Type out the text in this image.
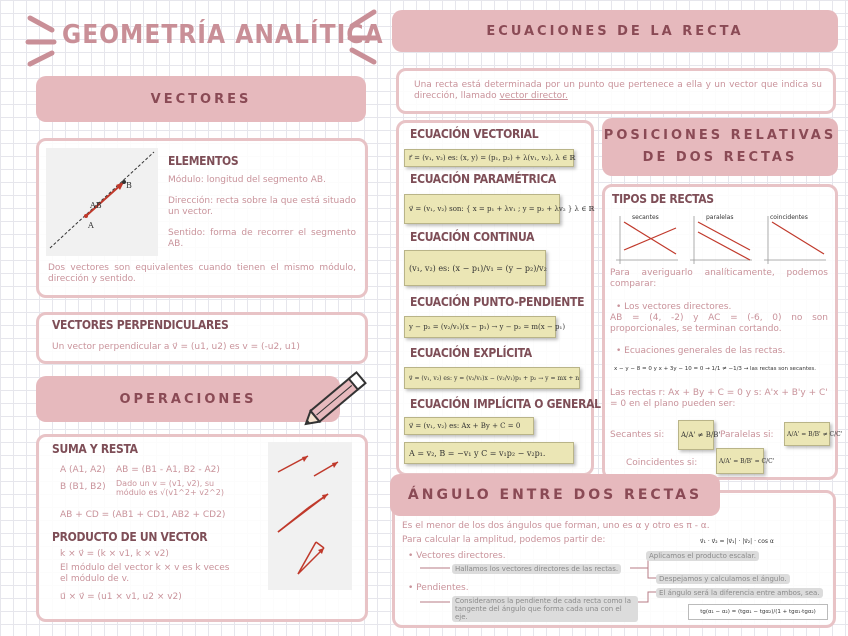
GEOMETRÍA ANALÍTICA
VECTORES
AB
A
B
ELEMENTOS
Módulo: longitud del segmento AB.
Dirección: recta sobre la que está situado un vector.
Sentido: forma de recorrer el segmento AB.
Dos vectores son equivalentes cuando tienen el mismo módulo, dirección y sentido.
VECTORES PERPENDICULARES
Un vector perpendicular a v⃗ = (u1, u2) es v = (-u2, u1)
OPERACIONES
SUMA Y RESTA
A (A1, A2)
B (B1, B2)
AB = (B1 - A1, B2 - A2)
Dado un v = (v1, v2), su
módulo es √(v1^2+ v2^2)
AB + CD = (AB1 + CD1, AB2 + CD2)
PRODUCTO DE UN VECTOR
k × v⃗ = (k × v1, k × v2)
El módulo del vector k × v es k veces el módulo de v.
u⃗ × v⃗ = (u1 × v1, u2 × v2)
ECUACIONES DE LA RECTA
Una recta está determinada por un punto que pertenece a ella y un vector que indica su dirección, llamado vector director.
ECUACIÓN VECTORIAL
r⃗ = (v₁, v₂) es: (x, y) = (p₁, p₂) + λ(v₁, v₂), λ ∈ ℝ
ECUACIÓN PARAMÉTRICA
v⃗ = (v₁, v₂) son: { x = p₁ + λv₁ ; y = p₂ + λv₂ } λ ∈ ℝ
ECUACIÓN CONTINUA
(v₁, v₂) es: (x − p₁)/v₁ = (y − p₂)/v₂
ECUACIÓN PUNTO-PENDIENTE
y − p₂ = (v₂/v₁)(x − p₁) → y − p₂ = m(x − p₁)
ECUACIÓN EXPLÍCITA
v⃗ = (v₁, v₂) es: y = (v₂/v₁)x − (v₂/v₁)p₁ + p₂ → y = mx + n
ECUACIÓN IMPLÍCITA O GENERAL
v⃗ = (v₁, v₂) es: Ax + By + C = 0
A = v₂, B = −v₁ y C = v₁p₂ − v₂p₁.
POSICIONES RELATIVAS
DE DOS RECTAS
TIPOS DE RECTAS
secantes	paralelas	coincidentes
Para averiguarlo analíticamente, podemos comparar:
• Los vectores directores.
AB = (4, -2) y AC = (-6, 0) no son proporcionales, se terminan cortando.
• Ecuaciones generales de las rectas.
x − y − 8 = 0 y x + 3y − 10 = 0 → 1/1 ≠ −1/3 → las rectas son secantes.
Las rectas r: Ax + By + C = 0 y s: A'x + B'y + C' = 0 en el plano pueden ser:
Secantes si:	A/A' ≠ B/B' Paralelas si:	A/A' = B/B' ≠ C/C'
Coincidentes si:	A/A' = B/B' = C/C'
ÁNGULO ENTRE DOS RECTAS
Es el menor de los dos ángulos que forman, uno es α y otro es π - α.
Para calcular la amplitud, podemos partir de:	v⃗₁ · v⃗₂ = |v⃗₁| · |v⃗₂| · cos α
• Vectores directores.
• Pendientes.
Hallamos los vectores directores de las rectas.
Aplicamos el producto escalar.
Despejamos y calculamos el ángulo.
Consideramos la pendiente de cada recta como la tangente del ángulo que forma cada una con el eje.
El ángulo será la diferencia entre ambos, sea.
tg(α₁ − α₂) = (tgα₁ − tgα₂)/(1 + tgα₁·tgα₂)
